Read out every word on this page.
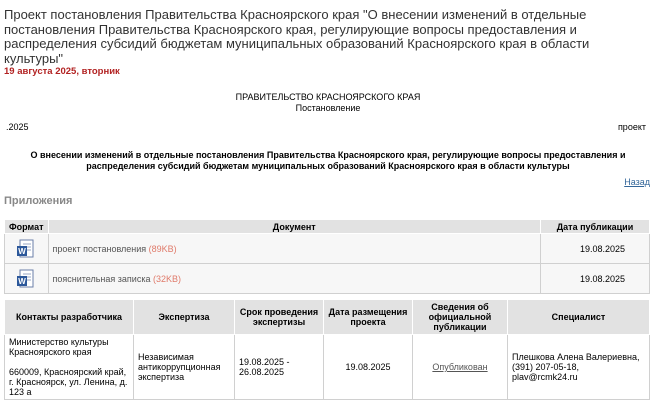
Проект постановления Правительства Красноярского края "О внесении изменений в отдельные постановления Правительства Красноярского края, регулирующие вопросы предоставления и распределения субсидий бюджетам муниципальных образований Красноярского края в области культуры"
19 августа 2025, вторник
ПРАВИТЕЛЬСТВО КРАСНОЯРСКОГО КРАЯ
Постановление
.2025	проект
О внесении изменений в отдельные постановления Правительства Красноярского края, регулирующие вопросы предоставления и распределения субсидий бюджетам муниципальных образований Красноярского края в области культуры
Назад
Приложения
Формат	Документ	Дата публикации

W	проект постановления (89KB)	19.08.2025

W	пояснительная записка (32KB)	19.08.2025
Контакты разработчика	Экспертиза	Срок проведения экспертизы	Дата размещения проекта	Сведения об официальной публикации	Специалист

Министерство культуры Красноярского края
660009, Красноярский край, г. Красноярск, ул. Ленина, д. 123 а	Независимая антикоррупционная экспертиза	19.08.2025 - 26.08.2025	19.08.2025	Опубликован	Плешкова Алена Валериевна, (391) 207-05-18, plav@rcmk24.ru
